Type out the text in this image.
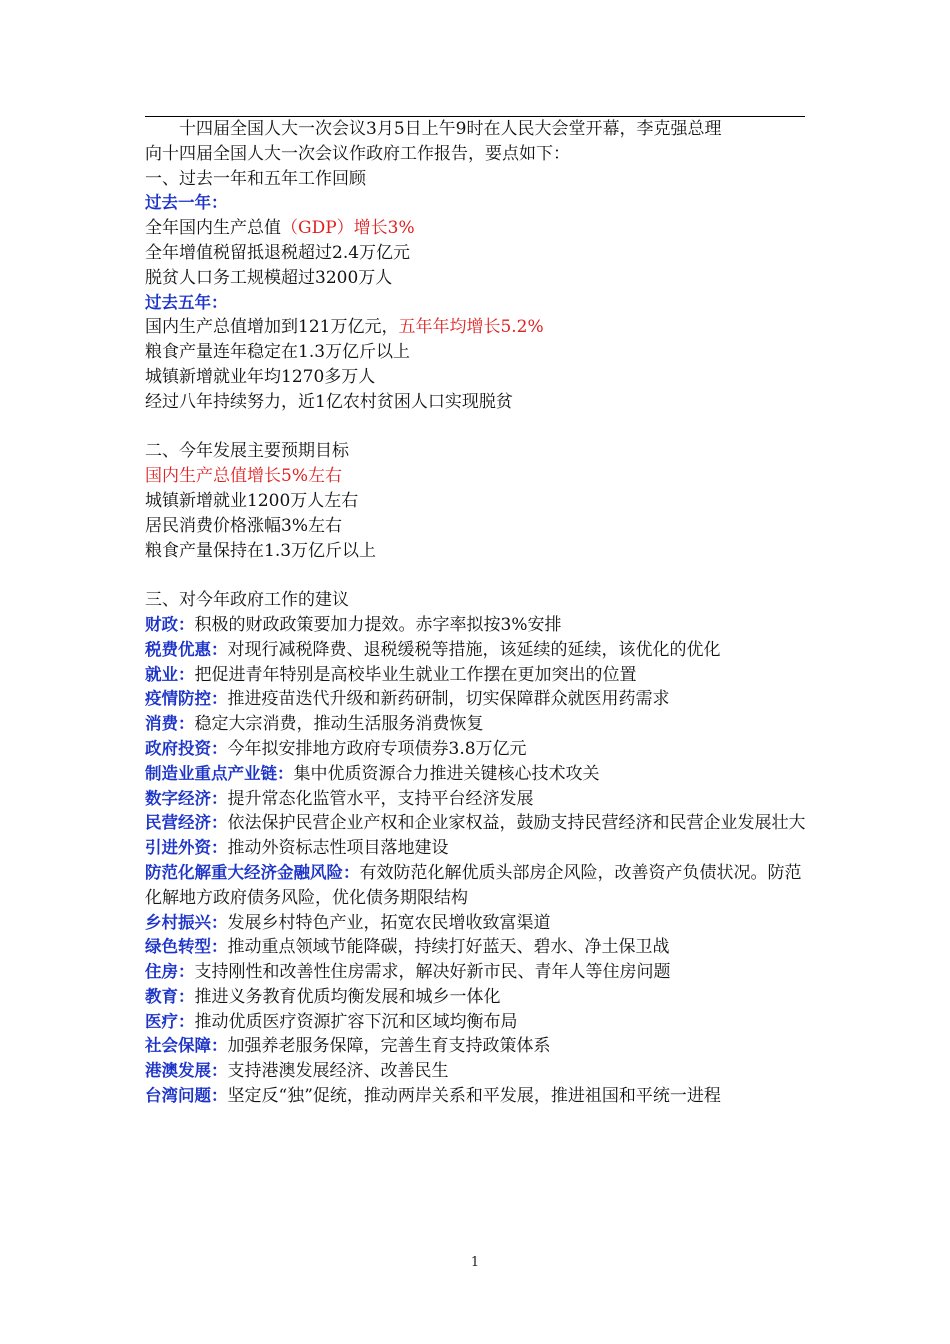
十四届全国人大一次会议3月5日上午9时在人民大会堂开幕，李克强总理
向十四届全国人大一次会议作政府工作报告，要点如下：
一、过去一年和五年工作回顾
过去一年：
全年国内生产总值（GDP）增长3%
全年增值税留抵退税超过2.4万亿元
脱贫人口务工规模超过3200万人
过去五年：
国内生产总值增加到121万亿元，五年年均增长5.2%
粮食产量连年稳定在1.3万亿斤以上
城镇新增就业年均1270多万人
经过八年持续努力，近1亿农村贫困人口实现脱贫
二、今年发展主要预期目标
国内生产总值增长5%左右
城镇新增就业1200万人左右
居民消费价格涨幅3%左右
粮食产量保持在1.3万亿斤以上
三、对今年政府工作的建议
财政：积极的财政政策要加力提效。赤字率拟按3%安排
税费优惠：对现行减税降费、退税缓税等措施，该延续的延续，该优化的优化
就业：把促进青年特别是高校毕业生就业工作摆在更加突出的位置
疫情防控：推进疫苗迭代升级和新药研制，切实保障群众就医用药需求
消费：稳定大宗消费，推动生活服务消费恢复
政府投资：今年拟安排地方政府专项债券3.8万亿元
制造业重点产业链：集中优质资源合力推进关键核心技术攻关
数字经济：提升常态化监管水平，支持平台经济发展
民营经济：依法保护民营企业产权和企业家权益，鼓励支持民营经济和民营企业发展壮大
引进外资：推动外资标志性项目落地建设
防范化解重大经济金融风险：有效防范化解优质头部房企风险，改善资产负债状况。防范化解地方政府债务风险，优化债务期限结构
乡村振兴：发展乡村特色产业，拓宽农民增收致富渠道
绿色转型：推动重点领域节能降碳，持续打好蓝天、碧水、净土保卫战
住房：支持刚性和改善性住房需求，解决好新市民、青年人等住房问题
教育：推进义务教育优质均衡发展和城乡一体化
医疗：推动优质医疗资源扩容下沉和区域均衡布局
社会保障：加强养老服务保障，完善生育支持政策体系
港澳发展：支持港澳发展经济、改善民生
台湾问题：坚定反“独”促统，推动两岸关系和平发展，推进祖国和平统一进程
1
